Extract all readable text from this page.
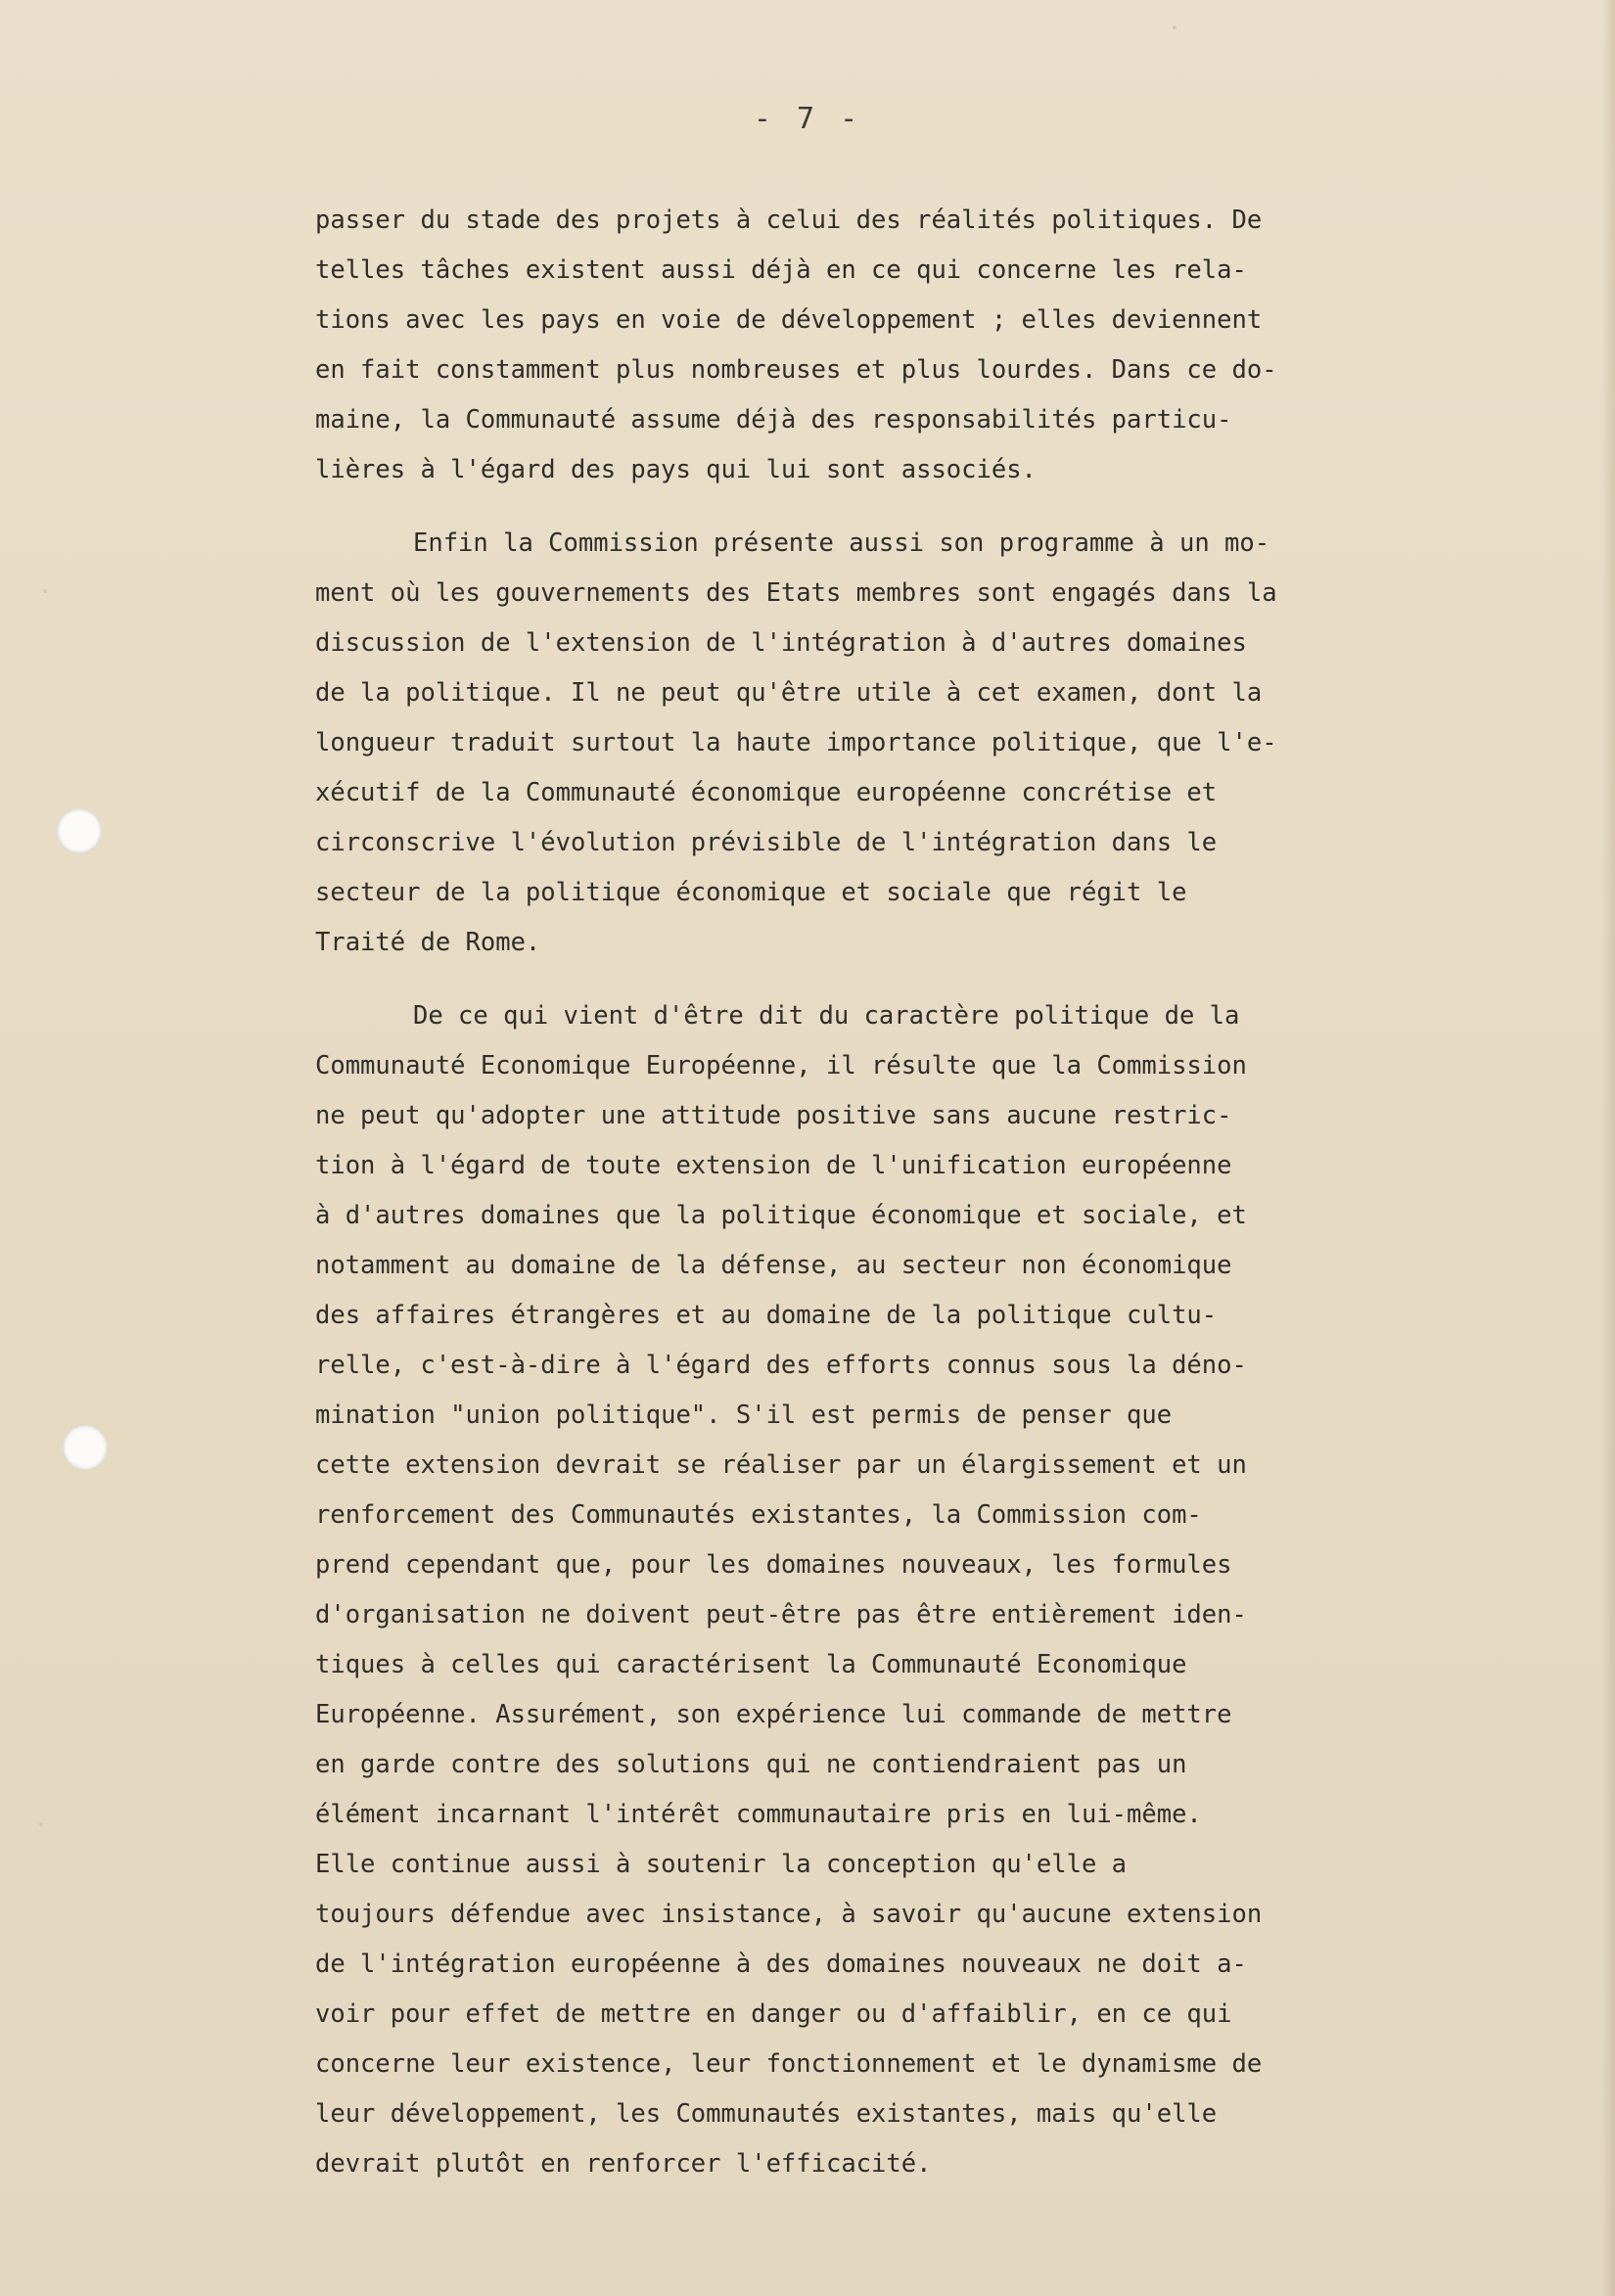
- 7 -
passer du stade des projets à celui des réalités politiques. De
telles tâches existent aussi déjà en ce qui concerne les rela-
tions avec les pays en voie de développement ; elles deviennent
en fait constamment plus nombreuses et plus lourdes. Dans ce do-
maine, la Communauté assume déjà des responsabilités particu-
lières à l'égard des pays qui lui sont associés.
Enfin la Commission présente aussi son programme à un mo-
ment où les gouvernements des Etats membres sont engagés dans la
discussion de l'extension de l'intégration à d'autres domaines
de la politique. Il ne peut qu'être utile à cet examen, dont la
longueur traduit surtout la haute importance politique, que l'e-
xécutif de la Communauté économique européenne concrétise et
circonscrive l'évolution prévisible de l'intégration dans le
secteur de la politique économique et sociale que régit le
Traité de Rome.
De ce qui vient d'être dit du caractère politique de la
Communauté Economique Européenne, il résulte que la Commission
ne peut qu'adopter une attitude positive sans aucune restric-
tion à l'égard de toute extension de l'unification européenne
à d'autres domaines que la politique économique et sociale, et
notamment au domaine de la défense, au secteur non économique
des affaires étrangères et au domaine de la politique cultu-
relle, c'est-à-dire à l'égard des efforts connus sous la déno-
mination "union politique". S'il est permis de penser que
cette extension devrait se réaliser par un élargissement et un
renforcement des Communautés existantes, la Commission com-
prend cependant que, pour les domaines nouveaux, les formules
d'organisation ne doivent peut-être pas être entièrement iden-
tiques à celles qui caractérisent la Communauté Economique
Européenne. Assurément, son expérience lui commande de mettre
en garde contre des solutions qui ne contiendraient pas un
élément incarnant l'intérêt communautaire pris en lui-même.
Elle continue aussi à soutenir la conception qu'elle a
toujours défendue avec insistance, à savoir qu'aucune extension
de l'intégration européenne à des domaines nouveaux ne doit a-
voir pour effet de mettre en danger ou d'affaiblir, en ce qui
concerne leur existence, leur fonctionnement et le dynamisme de
leur développement, les Communautés existantes, mais qu'elle
devrait plutôt en renforcer l'efficacité.
